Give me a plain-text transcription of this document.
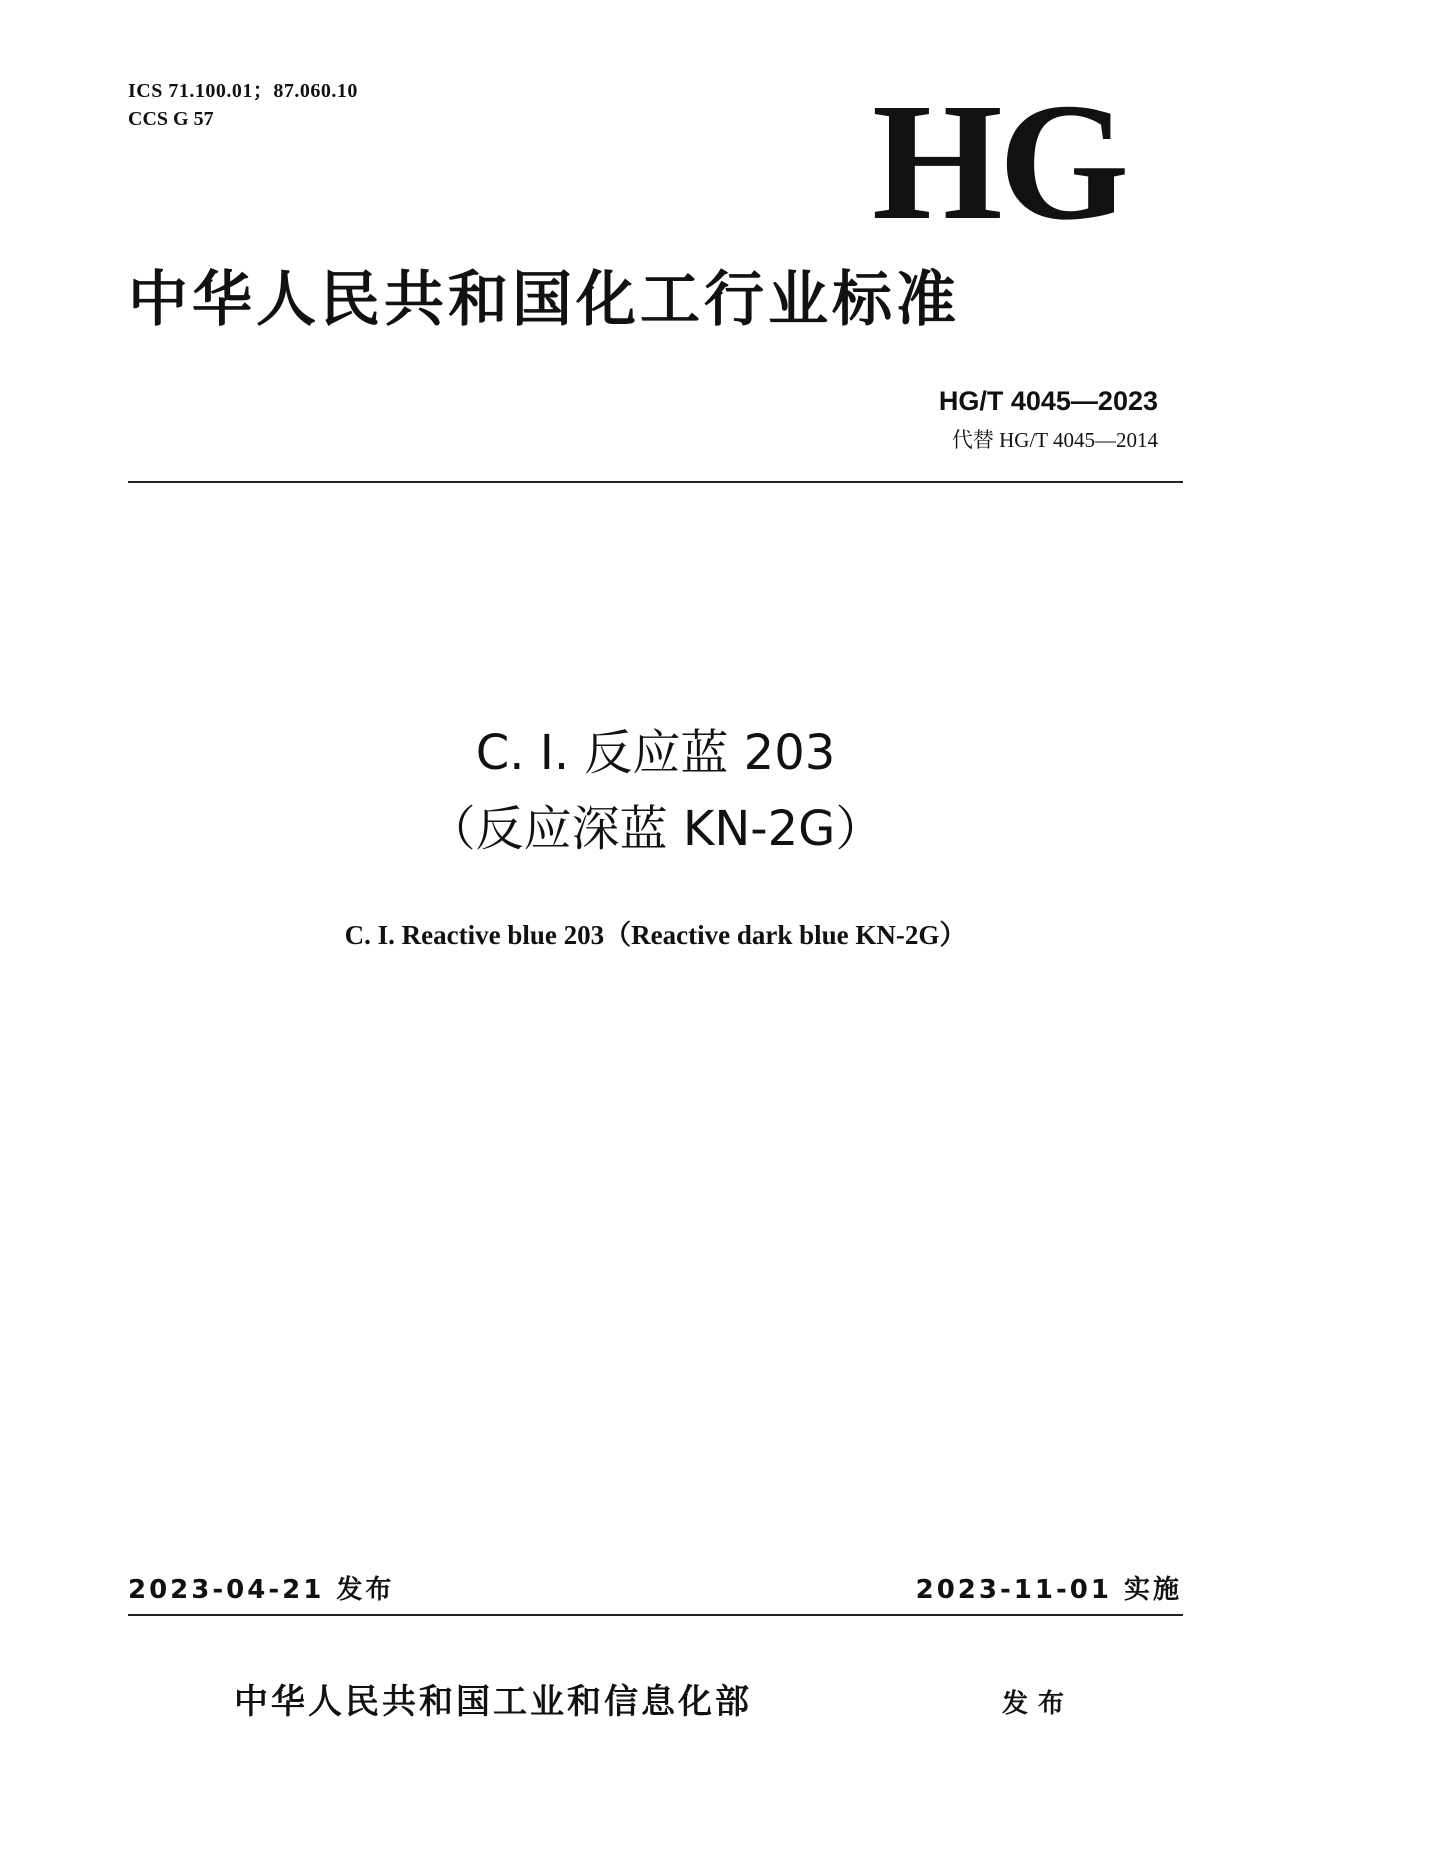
ICS 71.100.01；87.060.10
CCS G 57	HG
中华人民共和国化工行业标准
HG/T 4045—2023
代替 HG/T 4045—2014
C. I. 反应蓝 203
（反应深蓝 KN-2G）
C. I. Reactive blue 203（Reactive dark blue KN-2G）
2023-04-21 发布	2023-11-01 实施
中华人民共和国工业和信息化部	发布
